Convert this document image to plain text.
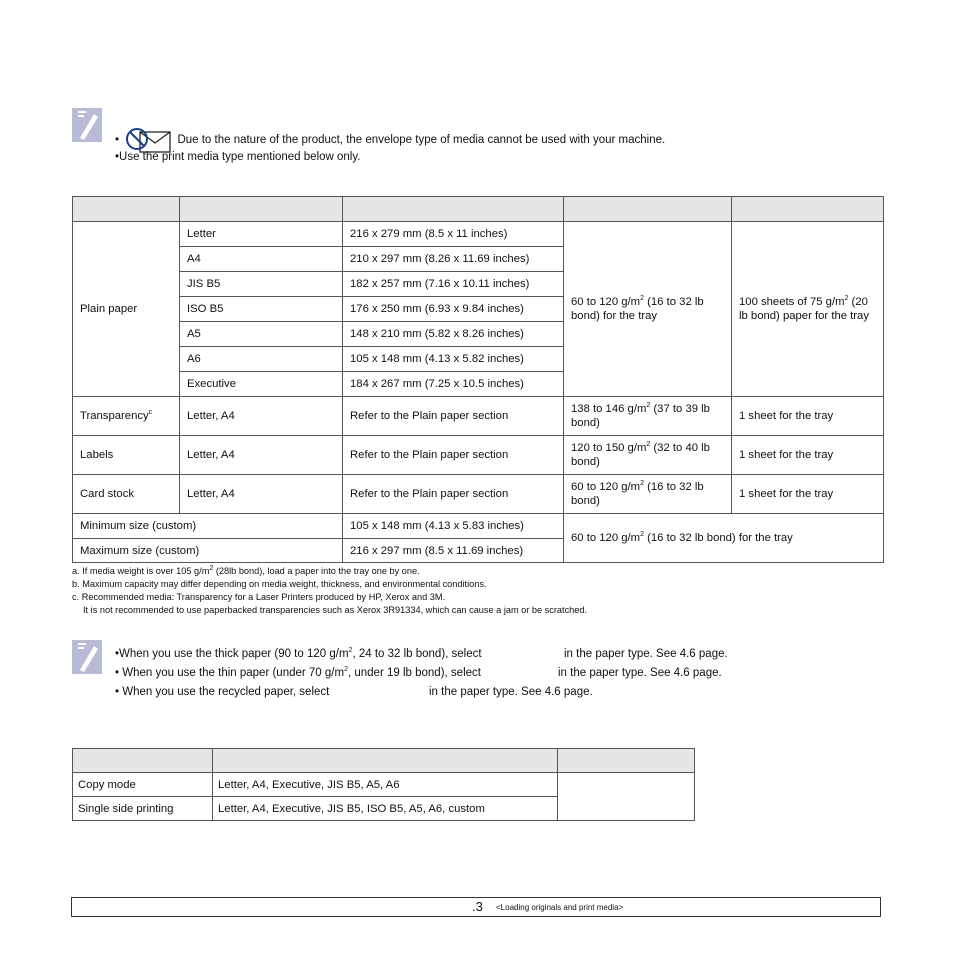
•	Due to the nature of the product, the envelope type of media cannot be used with your machine.
•Use the print media type mentioned below only.

Plain paper	Letter	216 x 279 mm (8.5 x 11 inches)	60 to 120 $g/m^2$ (16 to 32 lb bond) for the tray	100 sheets of 75 $g/m^2$ (20 lb bond) paper for the tray
	A4	210 x 297 mm (8.26 x 11.69 inches)		
	JIS B5	182 x 257 mm (7.16 x 10.11 inches)		
	ISO B5	176 x 250 mm (6.93 x 9.84 inches)		
	A5	148 x 210 mm (5.82 x 8.26 inches)		
	A6	105 x 148 mm (4.13 x 5.82 inches)		
	Executive	184 x 267 mm (7.25 x 10.5 inches)		
Transparency$^c$	Letter, A4	Refer to the Plain paper section	138 to 146 $g/m^2$ (37 to 39 lb bond)	1 sheet for the tray
Labels	Letter, A4	Refer to the Plain paper section	120 to 150 $g/m^2$ (32 to 40 lb bond)	1 sheet for the tray
Card stock	Letter, A4	Refer to the Plain paper section	60 to 120 $g/m^2$ (16 to 32 lb bond)	1 sheet for the tray
Minimum size (custom)		105 x 148 mm (4.13 x 5.83 inches)	60 to 120 $g/m^2$ (16 to 32 lb bond) for the tray	
Maximum size (custom)		216 x 297 mm (8.5 x 11.69 inches)		
a. If media weight is over 105 $g/m^2$ (28lb bond), load a paper into the tray one by one.
b. Maximum capacity may differ depending on media weight, thickness, and environmental conditions.
c. Recommended media: Transparency for a Laser Printers produced by HP, Xerox and 3M.
It is not recommended to use paperbacked transparencies such as Xerox 3R91334, which can cause a jam or be scratched.
•When you use the thick paper (90 to 120 $g/m^2$, 24 to 32 lb bond), select	in the paper type. See 4.6 page.
• When you use the thin paper (under 70 $g/m^2$, under 19 lb bond), select	in the paper type. See 4.6 page.
• When you use the recycled paper, select	in the paper type. See 4.6 page.

Copy mode	Letter, A4, Executive, JIS B5, A5, A6	
Single side printing	Letter, A4, Executive, JIS B5, ISO B5, A5, A6, custom	
.3 <Loading originals and print media>
